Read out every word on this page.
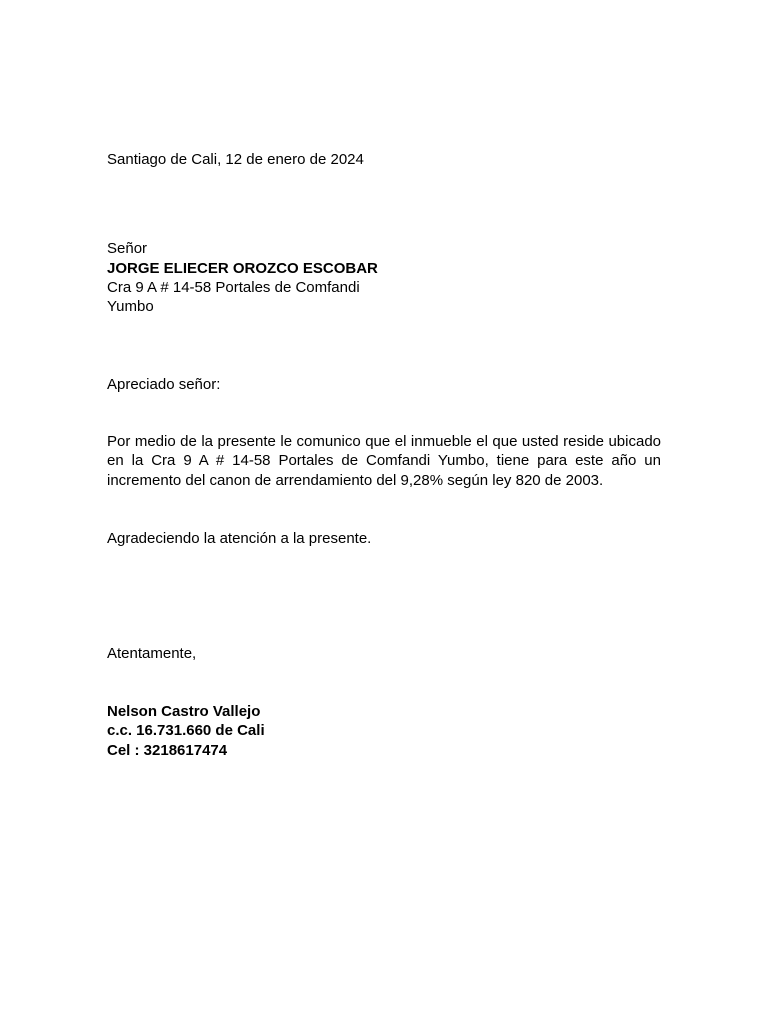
Santiago de Cali, 12 de enero de 2024
Señor
JORGE ELIECER OROZCO ESCOBAR
Cra 9 A # 14-58 Portales de Comfandi
Yumbo
Apreciado señor:
Por medio de la presente le comunico que el inmueble el que usted reside ubicado en la Cra 9 A # 14-58 Portales de Comfandi Yumbo, tiene para este año un incremento del canon de arrendamiento del 9,28% según ley 820 de 2003.
Agradeciendo la atención a la presente.
Atentamente,
Nelson Castro Vallejo
c.c. 16.731.660 de Cali
Cel : 3218617474
